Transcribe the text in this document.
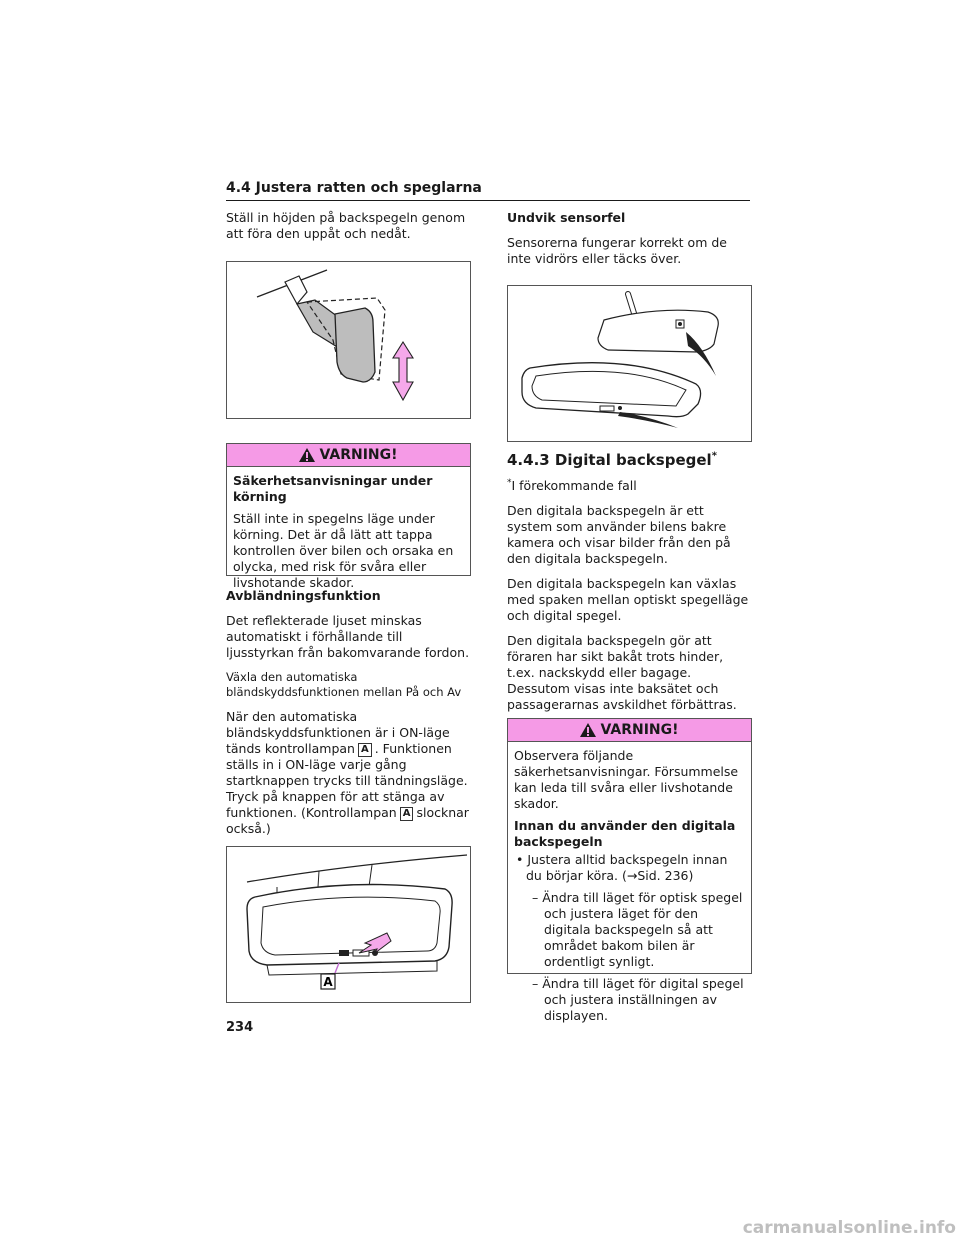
4.4 Justera ratten och speglarna

Ställ in höjden på backspegeln genom att föra den uppåt och nedåt.

VARNING!

Säkerhetsanvisningar under körning

Ställ inte in spegelns läge under körning. Det är då lätt att tappa kontrollen över bilen och orsaka en olycka, med risk för svåra eller livshotande skador.

Avbländningsfunktion

Det reflekterade ljuset minskas automatiskt i förhållande till ljusstyrkan från bakomvarande fordon.

Växla den automatiska bländskyddsfunktionen mellan På och Av

När den automatiska bländskyddsfunktionen är i ON-läge tänds kontrollampan A . Funktionen ställs in i ON-läge varje gång startknappen trycks till tändningsläge. Tryck på knappen för att stänga av funktionen. (Kontrollampan A slocknar också.)

A

Undvik sensorfel

Sensorerna fungerar korrekt om de inte vidrörs eller täcks över.

4.4.3 Digital backspegel*

*I förekommande fall

Den digitala backspegeln är ett system som använder bilens bakre kamera och visar bilder från den på den digitala backspegeln.

Den digitala backspegeln kan växlas med spaken mellan optiskt spegelläge och digital spegel.

Den digitala backspegeln gör att föraren har sikt bakåt trots hinder, t.ex. nackskydd eller bagage. Dessutom visas inte baksätet och passagerarnas avskildhet förbättras.

VARNING!

Observera följande säkerhetsanvisningar. Försummelse kan leda till svåra eller livshotande skador.

Innan du använder den digitala backspegeln

• Justera alltid backspegeln innan du börjar köra. (→Sid. 236)

– Ändra till läget för optisk spegel och justera läget för den digitala backspegeln så att området bakom bilen är ordentligt synligt.

– Ändra till läget för digital spegel och justera inställningen av displayen.

234
carmanualsonline.info
